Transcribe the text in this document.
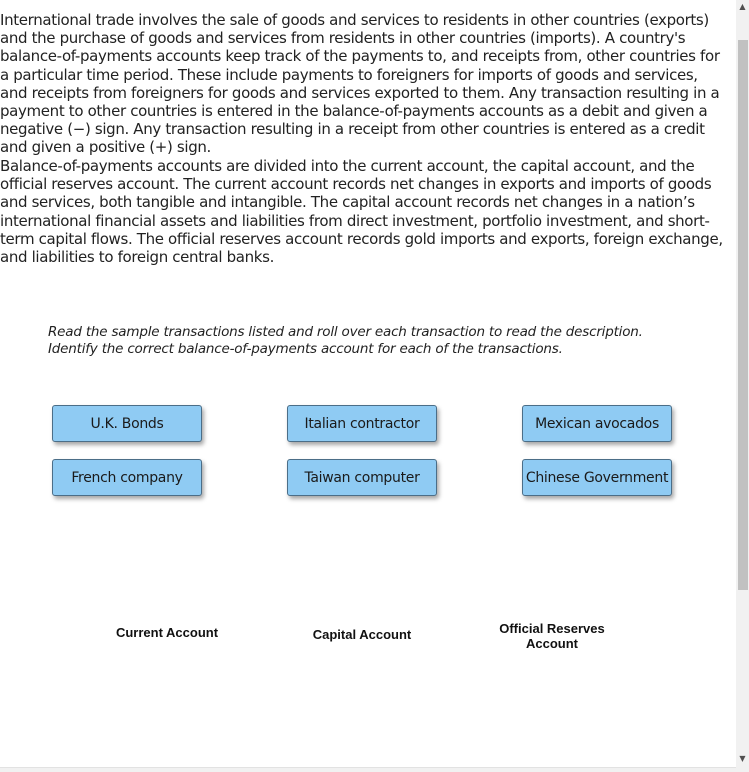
International trade involves the sale of goods and services to residents in other countries (exports) and the purchase of goods and services from residents in other countries (imports). A country's balance-of-payments accounts keep track of the payments to, and receipts from, other countries for a particular time period. These include payments to foreigners for imports of goods and services, and receipts from foreigners for goods and services exported to them. Any transaction resulting in a payment to other countries is entered in the balance-of-payments accounts as a debit and given a negative (−) sign. Any transaction resulting in a receipt from other countries is entered as a credit and given a positive (+) sign.

Balance-of-payments accounts are divided into the current account, the capital account, and the official reserves account. The current account records net changes in exports and imports of goods and services, both tangible and intangible. The capital account records net changes in a nation’s international financial assets and liabilities from direct investment, portfolio investment, and short-term capital flows. The official reserves account records gold imports and exports, foreign exchange, and liabilities to foreign central banks.

Read the sample transactions listed and roll over each transaction to read the description.
Identify the correct balance-of-payments account for each of the transactions.
U.K. Bonds	Italian contractor	Mexican avocados
French company	Taiwan computer	Chinese Government
Current Account	Capital Account	Official Reserves
Account
▲
▼
